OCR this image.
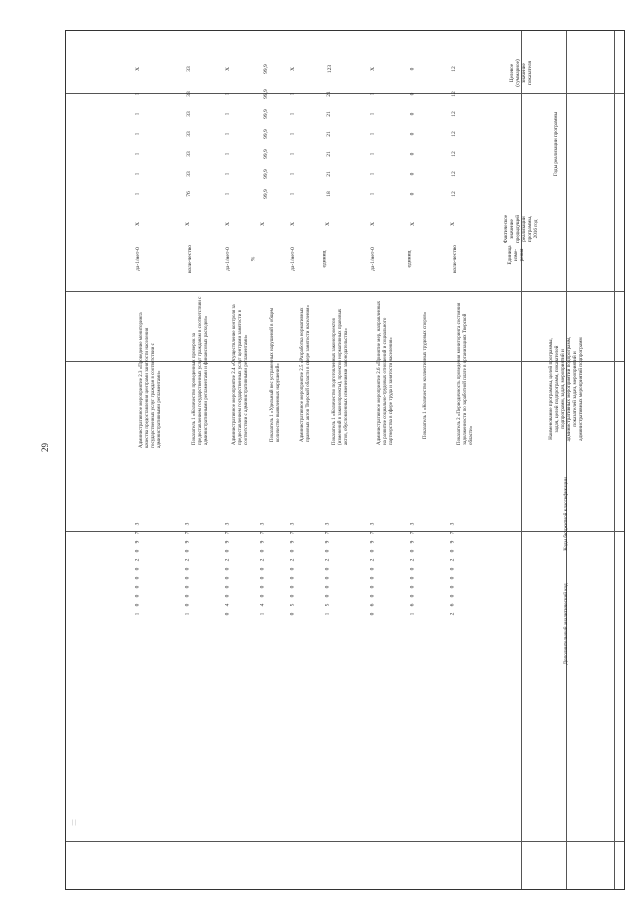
29
Коды бюджетной классификации
Дополнительный аналитический код
Наименование программы, целей программы,
задач, целей подпрограмм, показателей
подпрограмм, задач, мероприятий и
административных мероприятий подпрограмм,
показателей задач, мероприятий и
административных мероприятий подпрограмм
Единица
изме-
рения
Фактическое
значение
предыдущей
реализации
программы,
2016 год
Годы реализации программы
Целевое
(суммарное)
значение
показателя
Административное мероприятие 2.3 «Проведение мониторинга качества предоставления центрами занятости населения государственных услуг граждан в соответствии с административными регламентами»
да-1/нет-0
X
1
1
1
1
1
1
X
3
7
9
0
2
0
0
0
0
0
1
Показатель 1 «Количество проведенных проверок за предоставлением государственных услуг гражданам в соответствии с административными регламентами и финансовых расходов»
коли-чество
X
76
33
33
33
33
33
33
3
7
9
0
2
0
0
0
0
0
1
Административное мероприятие 2.4 «Осуществление контроля за предоставлением государственных услуг центрами занятости в соответствии с административными регламентами»
да-1/нет-0
X
1
1
1
1
1
1
X
3
7
9
0
2
0
0
0
0
4
0
Показатель 1 «Удельный вес устраненных нарушений в общем количестве выявленных нарушений»
%
X
99,9
99,9
99,9
99,9
99,9
99,9
99,9
3
7
9
0
2
0
0
0
0
4
1
Административное мероприятие 2.5 «Разработка нормативных правовых актов Тверской области в сфере занятости населения»
да-1/нет-0
X
1
1
1
1
1
1
X
3
7
9
0
2
0
0
0
0
5
0
Показатель 1 «Количество подготовленных законопроектов (изменений в законопроекты), проектов нормативных правовых актов, обусловленных изменениями законодательства»
единиц
X
18
21
21
21
21
21
123
3
7
9
0
2
0
0
0
0
5
1
Административное мероприятие 2.6 «Принятие мер, направленных на развитие социально-трудовых отношений и социального партнерства в сфере труда и занятости населения»
да-1/нет-0
X
1
1
1
1
1
1
X
3
7
9
0
2
0
0
0
0
6
0
Показатель 1 «Количество коллективных трудовых споров»
единиц
X
0
0
0
0
0
0
0
3
7
9
0
2
0
0
0
0
6
1
Показатель 2 «Периодичность проведения мониторинга состояния задолженности по заработной плате в организациях Тверской области»
коли-чество
X
12
12
12
12
12
12
12
3
7
9
0
2
0
0
0
0
6
2
| |
